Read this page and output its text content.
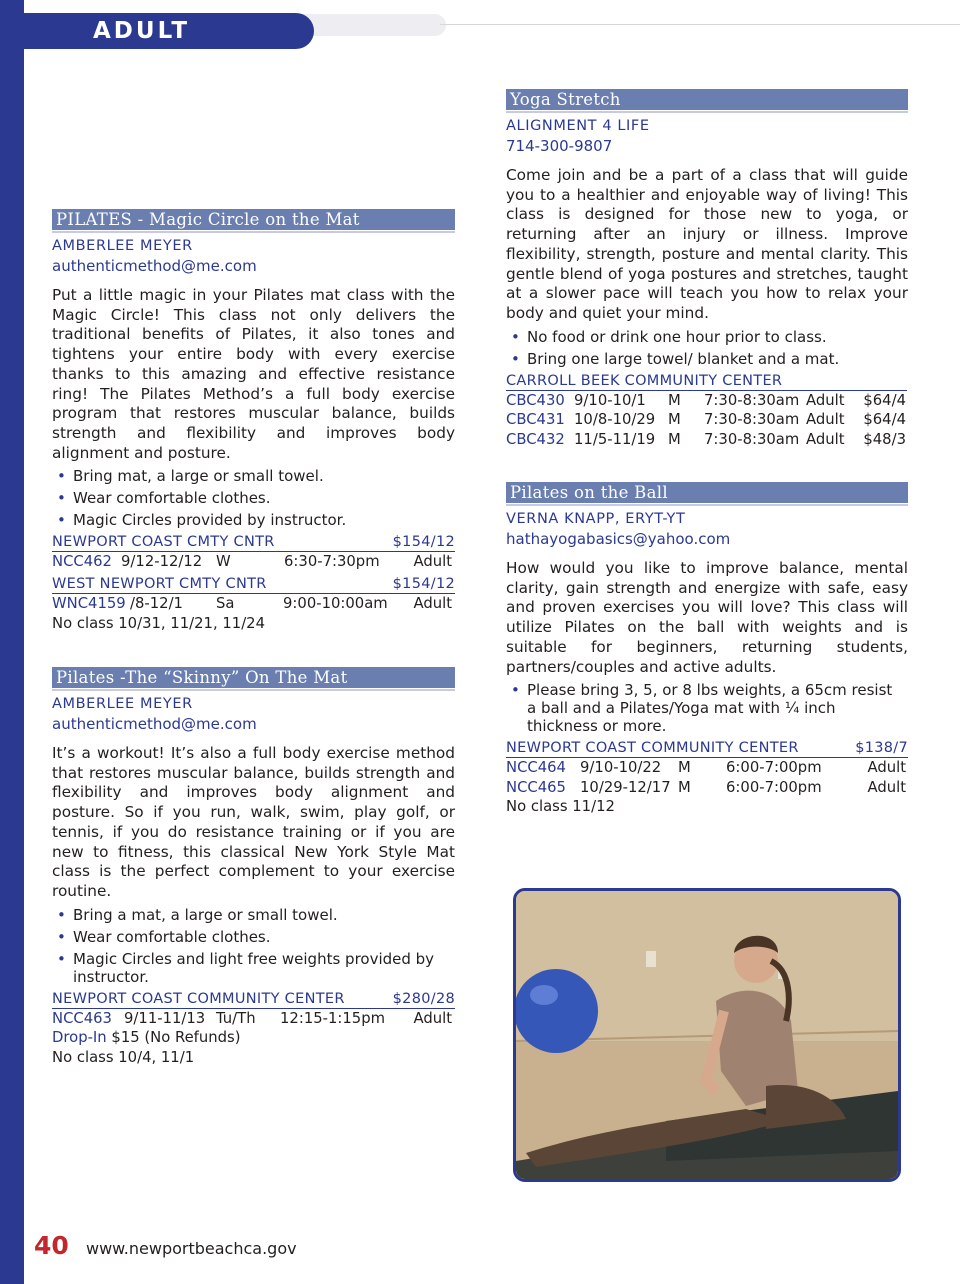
ADULT
PILATES - Magic Circle on the Mat
AMBERLEE MEYER
authenticmethod@me.com
Put a little magic in your Pilates mat class with the Magic Circle! This class not only delivers the traditional benefits of Pilates, it also tones and tightens your entire body with every exercise thanks to this amazing and effective resistance ring! The Pilates Method’s a full body exercise program that restores muscular balance, builds strength and flexibility and improves body alignment and posture.
• Bring mat, a large or small towel.
• Wear comfortable clothes.
• Magic Circles provided by instructor.
NEWPORT COAST CMTY CNTR	$154/12
NCC462 9/12-12/12 W	6:30-7:30pm Adult
WEST NEWPORT CMTY CNTR	$154/12
WNC4159 /8-12/1 Sa	9:00-10:00am Adult
No class 10/31, 11/21, 11/24
Pilates -The “Skinny” On The Mat
AMBERLEE MEYER
authenticmethod@me.com
It’s a workout! It’s also a full body exercise method that restores muscular balance, builds strength and flexibility and improves body alignment and posture. So if you run, walk, swim, play golf, or tennis, if you do resistance training or if you are new to fitness, this classical New York Style Mat class is the perfect complement to your exercise routine.
• Bring a mat, a large or small towel.
• Wear comfortable clothes.
• Magic Circles and light free weights provided by instructor.
NEWPORT COAST COMMUNITY CENTER	$280/28
NCC463 9/11-11/13 Tu/Th 12:15-1:15pm Adult
Drop-In $15 (No Refunds)
No class 10/4, 11/1
Yoga Stretch
ALIGNMENT 4 LIFE
714-300-9807
Come join and be a part of a class that will guide you to a healthier and enjoyable way of living! This class is designed for those new to yoga, or returning after an injury or illness. Improve flexibility, strength, posture and mental clarity. This gentle blend of yoga postures and stretches, taught at a slower pace will teach you how to relax your body and quiet your mind.
• No food or drink one hour prior to class.
• Bring one large towel/ blanket and a mat.
CARROLL BEEK COMMUNITY CENTER
CBC430 9/10-10/1 M 7:30-8:30am Adult $64/4
CBC431 10/8-10/29 M 7:30-8:30am Adult $64/4
CBC432 11/5-11/19 M 7:30-8:30am Adult $48/3
Pilates on the Ball
VERNA KNAPP, ERYT-YT
hathayogabasics@yahoo.com
How would you like to improve balance, mental clarity, gain strength and energize with safe, easy and proven exercises you will love? This class will utilize Pilates on the ball with weights and is suitable for beginners, returning students, partners/couples and active adults.
• Please bring 3, 5, or 8 lbs weights, a 65cm resist a ball and a Pilates/Yoga mat with ¼ inch thickness or more.
NEWPORT COAST COMMUNITY CENTER	$138/7
NCC464 9/10-10/22 M 6:00-7:00pm	Adult
NCC465 10/29-12/17 M 6:00-7:00pm	Adult
No class 11/12
40 www.newportbeachca.gov
